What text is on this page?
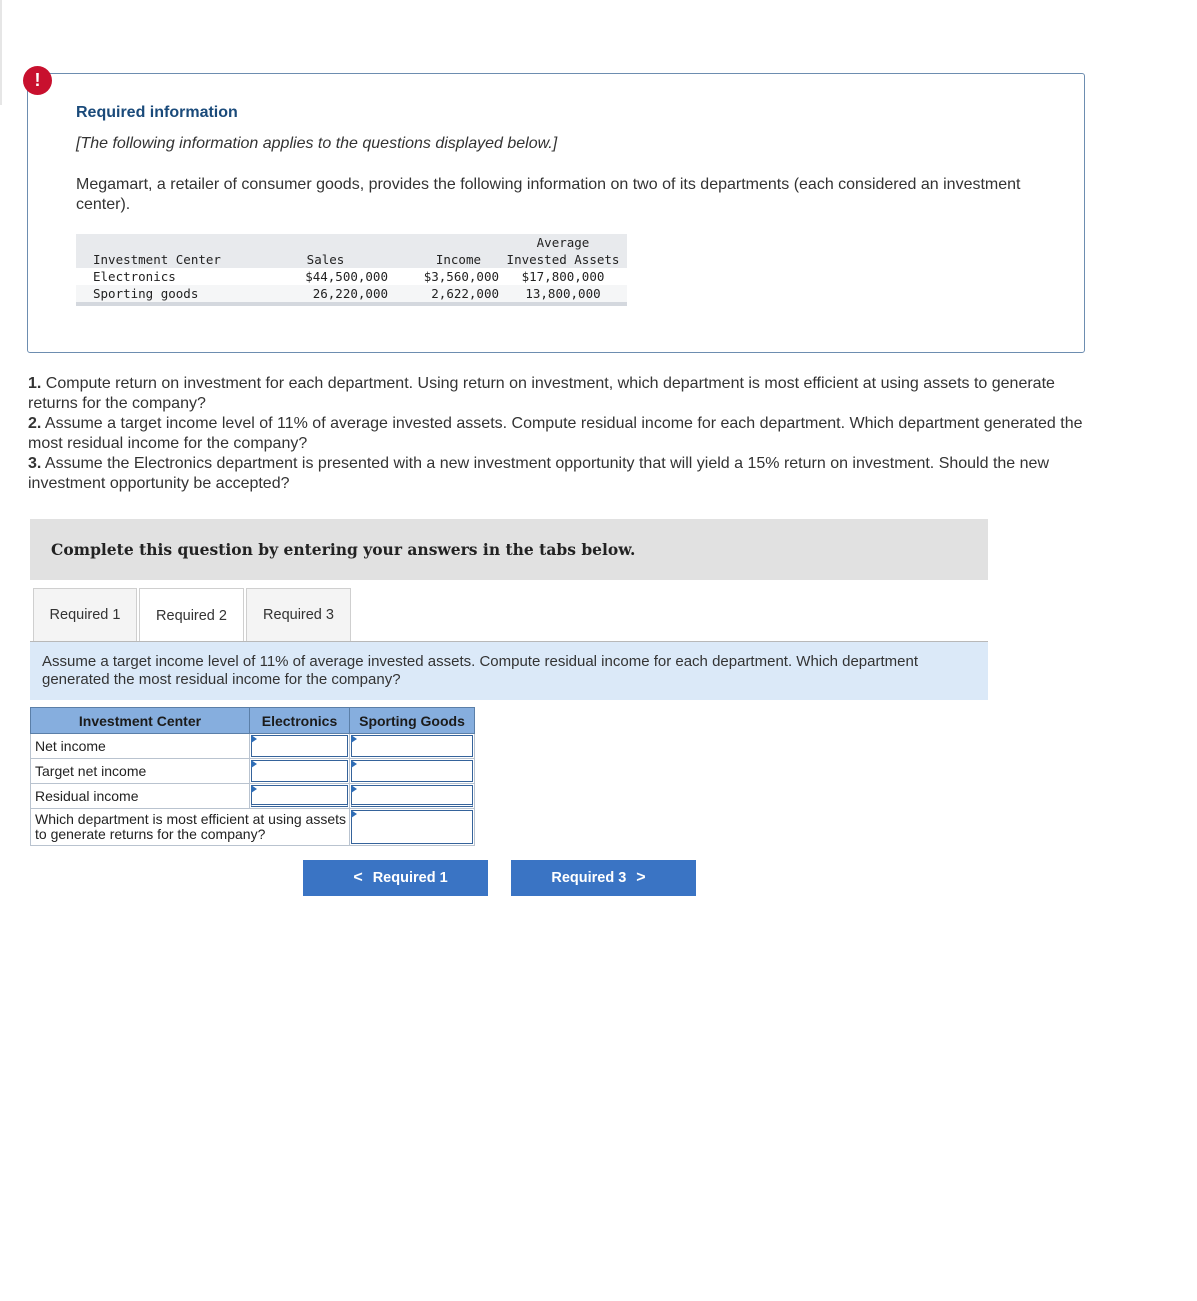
!
Required information
[The following information applies to the questions displayed below.]
Megamart, a retailer of consumer goods, provides the following information on two of its departments (each considered an investment center).
			Average
Investment Center	Sales	Income	Invested Assets
Electronics	$44,500,000	$3,560,000	$17,800,000
Sporting goods	26,220,000	2,622,000	13,800,000

1. Compute return on investment for each department. Using return on investment, which department is most efficient at using assets to generate returns for the company?

2. Assume a target income level of 11% of average invested assets. Compute residual income for each department. Which department generated the most residual income for the company?

3. Assume the Electronics department is presented with a new investment opportunity that will yield a 15% return on investment. Should the new investment opportunity be accepted?

Complete this question by entering your answers in the tabs below.
Required 1	Required 2	Required 3
Assume a target income level of 11% of average invested assets. Compute residual income for each department. Which department generated the most residual income for the company?
Investment Center	Electronics	Sporting Goods
Net income	

Target net income	

Residual income	

Which department is most efficient at using assets to generate returns for the company?	
< Required 1	Required 3 >
